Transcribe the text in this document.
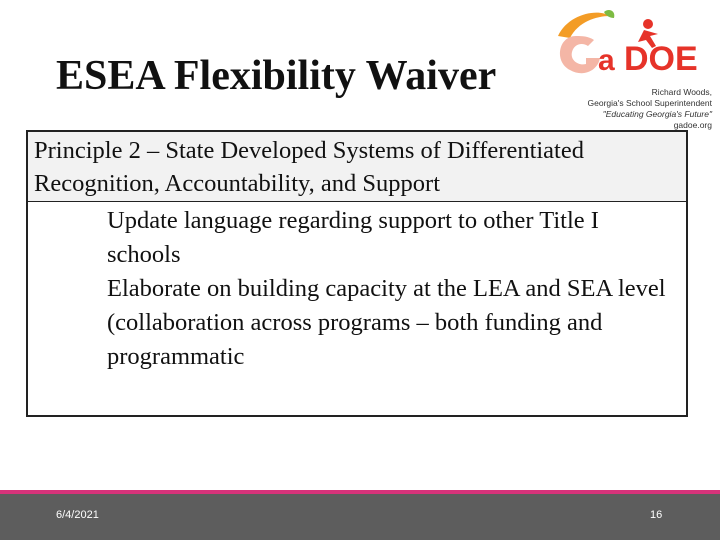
ESEA Flexibility Waiver	a DOE
Richard Woods,
Georgia's School Superintendent
"Educating Georgia's Future"
gadoe.org

Principle 2 – State Developed Systems of Differentiated Recognition, Accountability, and Support

Update language regarding support to other Title I schools
Elaborate on building capacity at the LEA and SEA level (collaboration across programs – both funding and programmatic
6/4/2021	16
